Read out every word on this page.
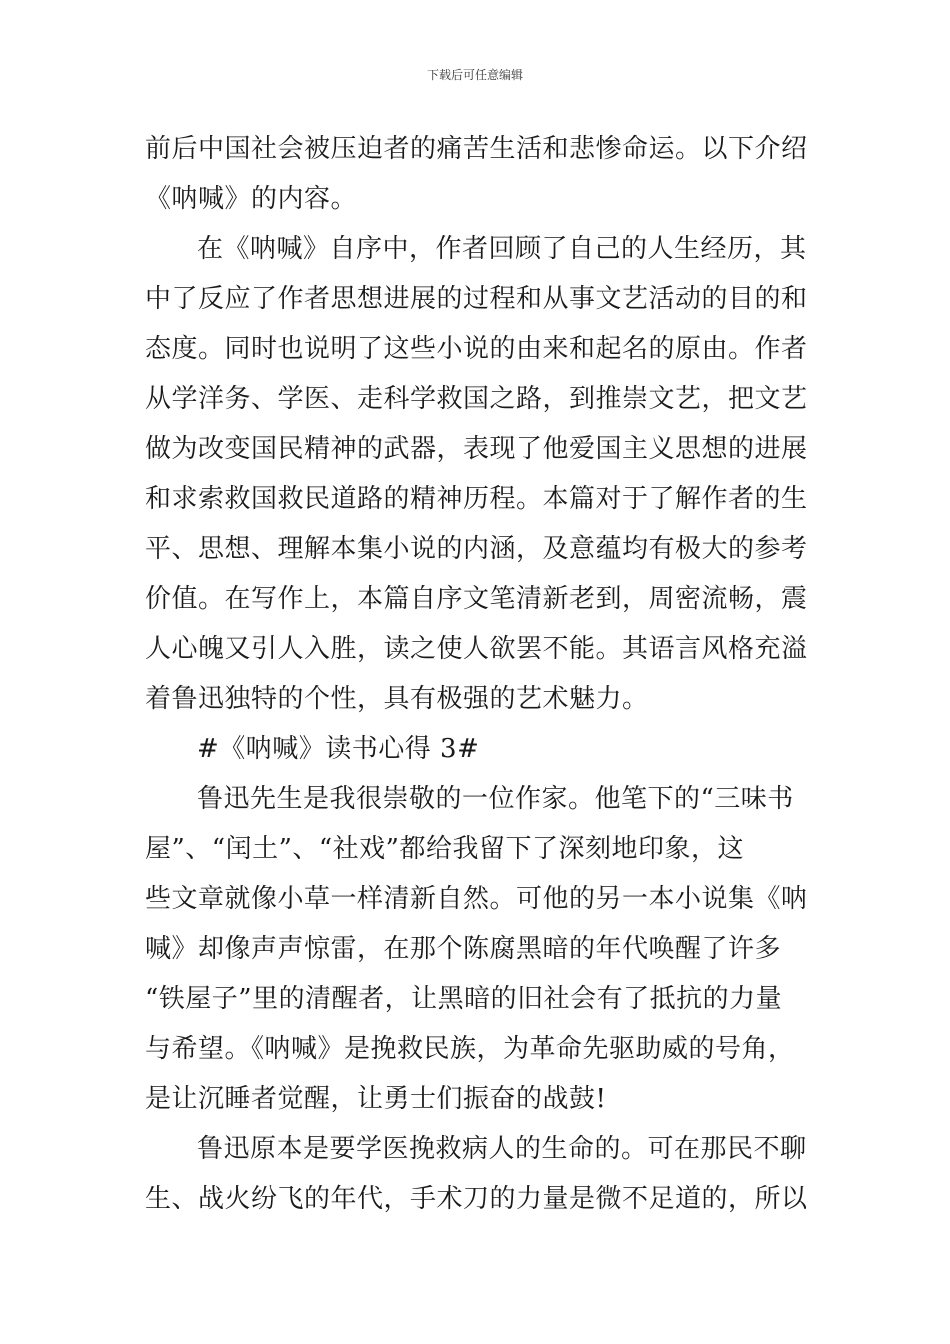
下载后可任意编辑

前后中国社会被压迫者的痛苦生活和悲惨命运。以下介绍
《呐喊》的内容。

在《呐喊》自序中，作者回顾了自己的人生经历，其
中了反应了作者思想进展的过程和从事文艺活动的目的和
态度。同时也说明了这些小说的由来和起名的原由。作者
从学洋务、学医、走科学救国之路，到推崇文艺，把文艺
做为改变国民精神的武器，表现了他爱国主义思想的进展
和求索救国救民道路的精神历程。本篇对于了解作者的生
平、思想、理解本集小说的内涵，及意蕴均有极大的参考
价值。在写作上，本篇自序文笔清新老到，周密流畅，震
人心魄又引人入胜，读之使人欲罢不能。其语言风格充溢
着鲁迅独特的个性，具有极强的艺术魅力。

#《呐喊》读书心得 3#

鲁迅先生是我很崇敬的一位作家。他笔下的“三味书
屋”、“闰土”、“社戏”都给我留下了深刻地印象，这
些文章就像小草一样清新自然。可他的另一本小说集《呐
喊》却像声声惊雷，在那个陈腐黑暗的年代唤醒了许多
“铁屋子”里的清醒者，让黑暗的旧社会有了抵抗的力量
与希望。《呐喊》是挽救民族，为革命先驱助威的号角，
是让沉睡者觉醒，让勇士们振奋的战鼓!

鲁迅原本是要学医挽救病人的生命的。可在那民不聊
生、战火纷飞的年代，手术刀的力量是微不足道的，所以
